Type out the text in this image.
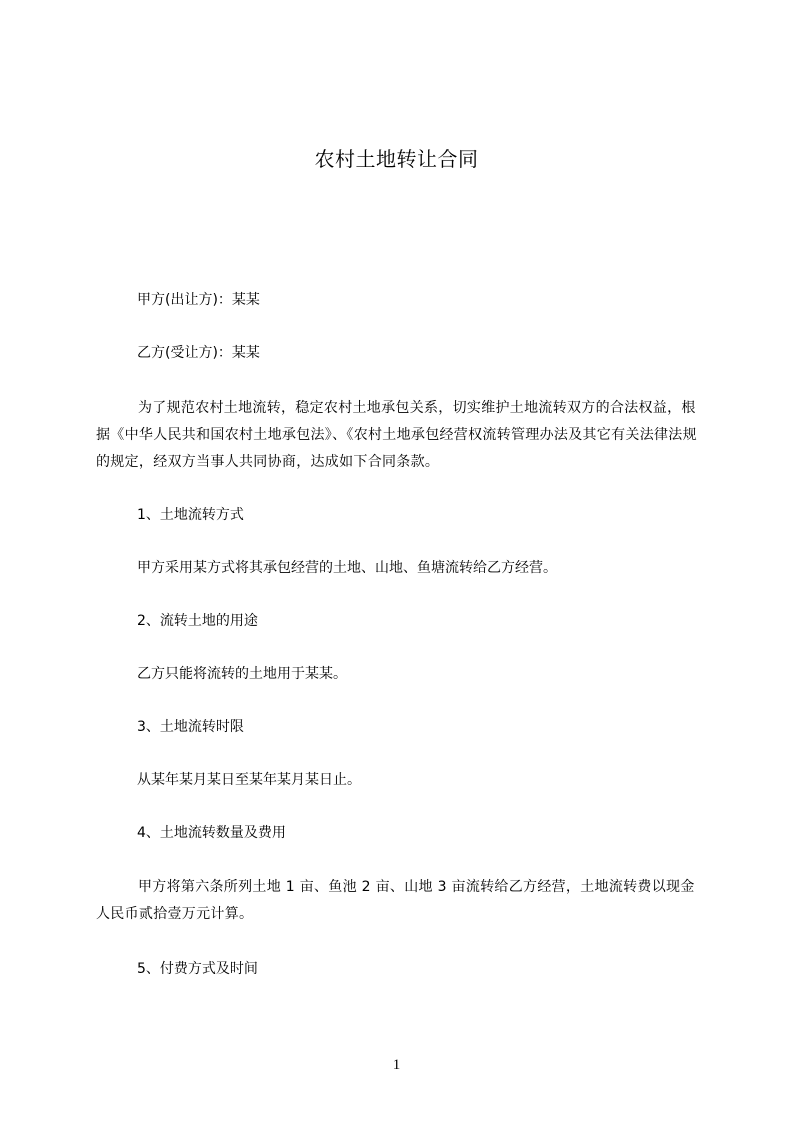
农村土地转让合同
甲方(出让方)：某某
乙方(受让方)：某某
为了规范农村土地流转，稳定农村土地承包关系，切实维护土地流转双方的合法权益，根据《中华人民共和国农村土地承包法》、《农村土地承包经营权流转管理办法及其它有关法律法规的规定，经双方当事人共同协商，达成如下合同条款。
1、土地流转方式
甲方采用某方式将其承包经营的土地、山地、鱼塘流转给乙方经营。
2、流转土地的用途
乙方只能将流转的土地用于某某。
3、土地流转时限
从某年某月某日至某年某月某日止。
4、土地流转数量及费用
甲方将第六条所列土地 1 亩、鱼池 2 亩、山地 3 亩流转给乙方经营，土地流转费以现金人民币贰拾壹万元计算。
5、付费方式及时间
1
